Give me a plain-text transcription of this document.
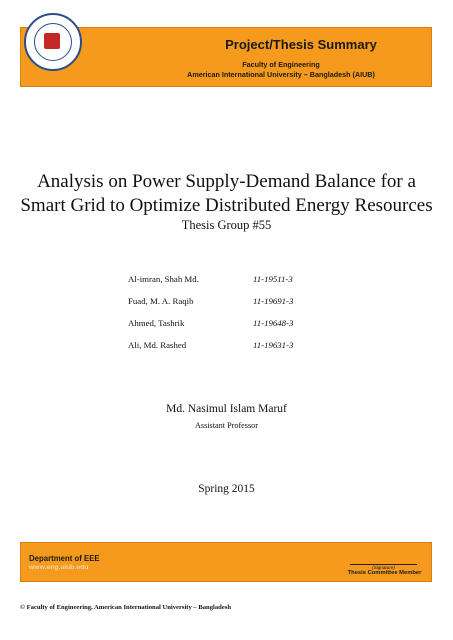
Project/Thesis Summary
Faculty of Engineering
American International University – Bangladesh (AIUB)
Analysis on Power Supply-Demand Balance for a
Smart Grid to Optimize Distributed Energy Resources
Thesis Group #55
Al-imran, Shah Md.	11-19511-3
Fuad, M. A. Raqib	11-19691-3
Ahmed, Tashrik	11-19648-3
Ali, Md. Rashed	11-19631-3
Md. Nasimul Islam Maruf
Assistant Professor
Spring 2015
Department of EEE
www.eng.aiub.edu	(Signature)
Thesis Committee Member
© Faculty of Engineering, American International University – Bangladesh
